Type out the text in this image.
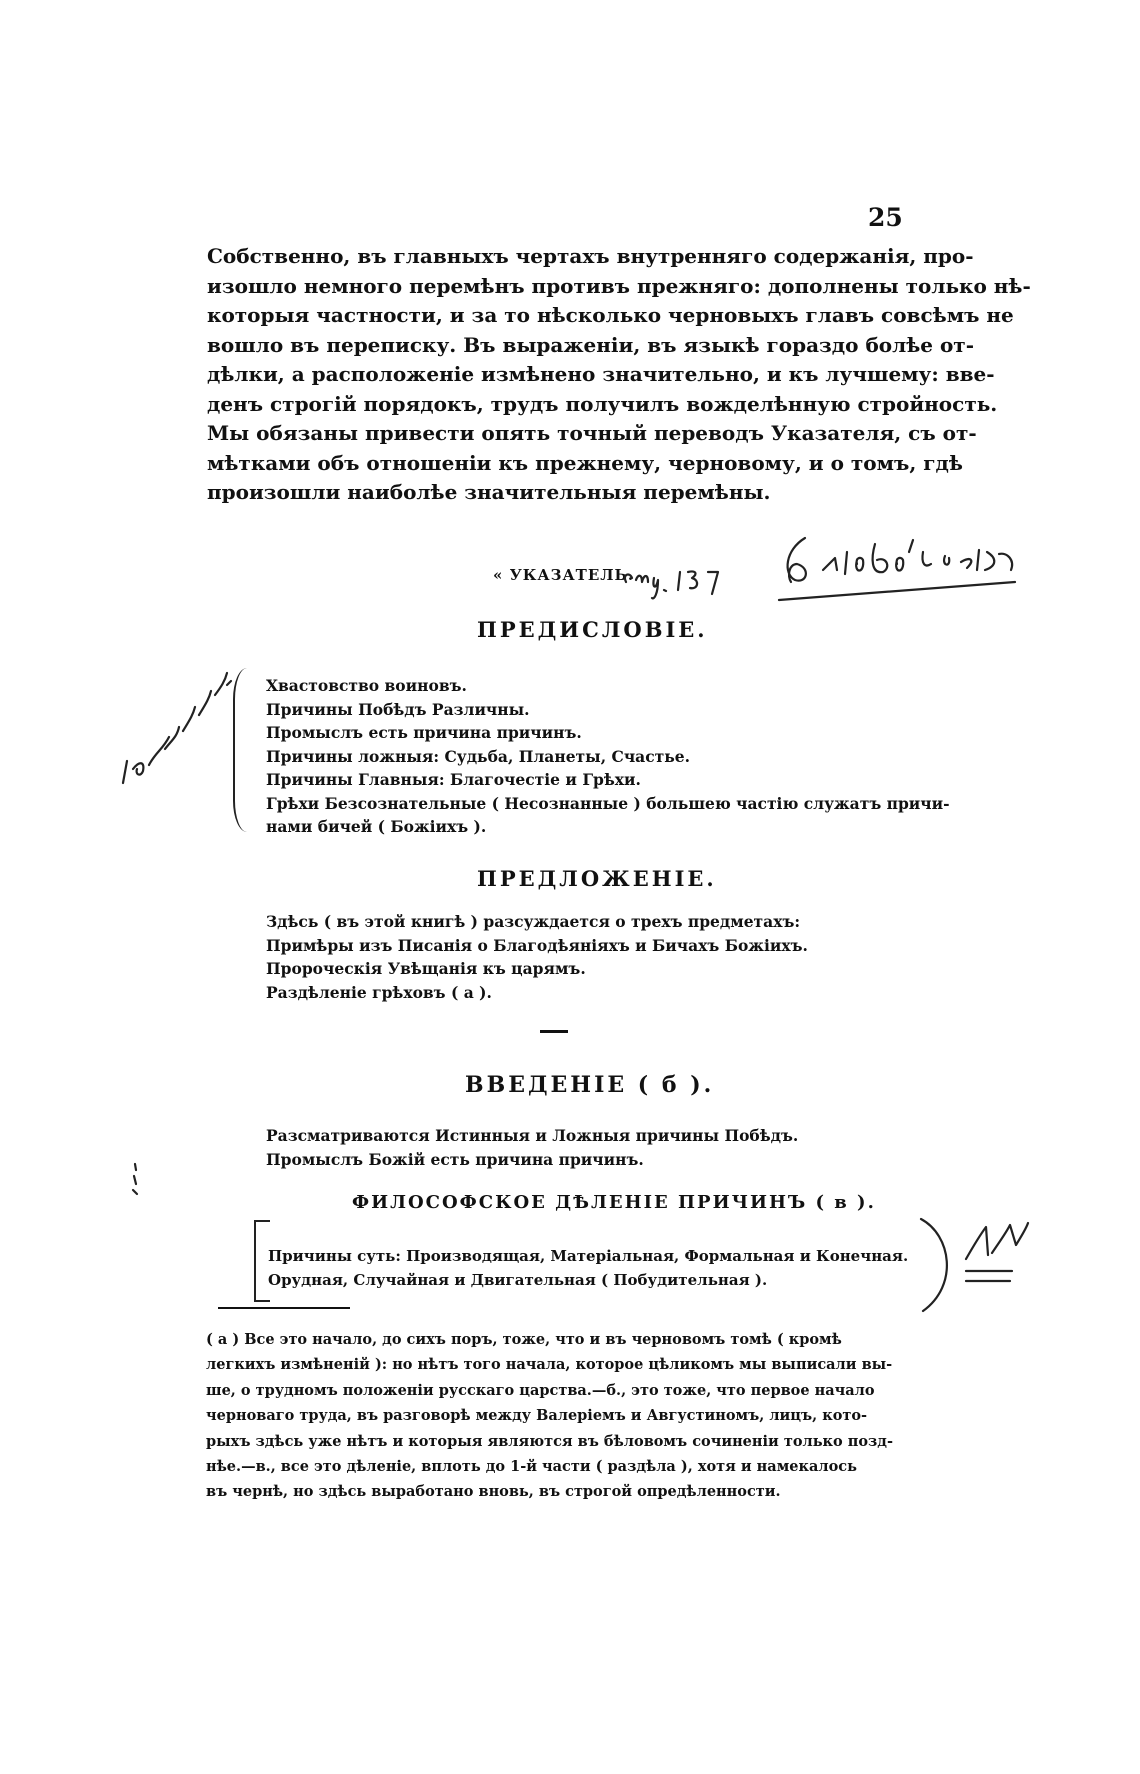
25
Собственно, въ главныхъ чертахъ внутренняго содержанія, про-
изошло немного перемѣнъ противъ прежняго: дополнены только нѣ-
которыя частности, и за то нѣсколько черновыхъ главъ совсѣмъ не
вошло въ переписку. Въ выраженіи, въ языкѣ гораздо болѣе от-
дѣлки, а расположеніе измѣнено значительно, и къ лучшему: вве-
денъ строгій порядокъ, трудъ получилъ вожделѣнную стройность.
Мы обязаны привести опять точный переводъ Указателя, съ от-
мѣтками объ отношеніи къ прежнему, черновому, и о томъ, гдѣ
произошли наиболѣе значительныя перемѣны.
« УКАЗАТЕЛЬ.
ПРЕДИСЛОВІЕ.
Хвастовство воиновъ.
Причины Побѣдъ Различны.
Промыслъ есть причина причинъ.
Причины ложныя: Судьба, Планеты, Счастье.
Причины Главныя: Благочестіе и Грѣхи.
Грѣхи Безсознательные ( Несознанные ) большею частію служатъ причи-
нами бичей ( Божіихъ ).
ПРЕДЛОЖЕНІЕ.
Здѣсь ( въ этой книгѣ ) разсуждается о трехъ предметахъ:
Примѣры изъ Писанія о Благодѣяніяхъ и Бичахъ Божіихъ.
Пророческія Увѣщанія къ царямъ.
Раздѣленіе грѣховъ ( а ).
ВВЕДЕНІЕ ( б ).
Разсматриваются Истинныя и Ложныя причины Побѣдъ.
Промыслъ Божій есть причина причинъ.
ФИЛОСОФСКОЕ ДѢЛЕНІЕ ПРИЧИНЪ ( в ).
Причины суть: Производящая, Матеріальная, Формальная и Конечная.
Орудная, Случайная и Двигательная ( Побудительная ).
( а ) Все это начало, до сихъ поръ, тоже, что и въ черновомъ томѣ ( кромѣ
легкихъ измѣненій ): но нѣтъ того начала, которое цѣликомъ мы выписали вы-
ше, о трудномъ положеніи русскаго царства.—б., это тоже, что первое начало
черноваго труда, въ разговорѣ между Валеріемъ и Августиномъ, лицъ, кото-
рыхъ здѣсь уже нѣтъ и которыя являются въ бѣловомъ сочиненіи только позд-
нѣе.—в., все это дѣленіе, вплоть до 1-й части ( раздѣла ), хотя и намекалось
въ чернѣ, но здѣсь выработано вновь, въ строгой опредѣленности.
